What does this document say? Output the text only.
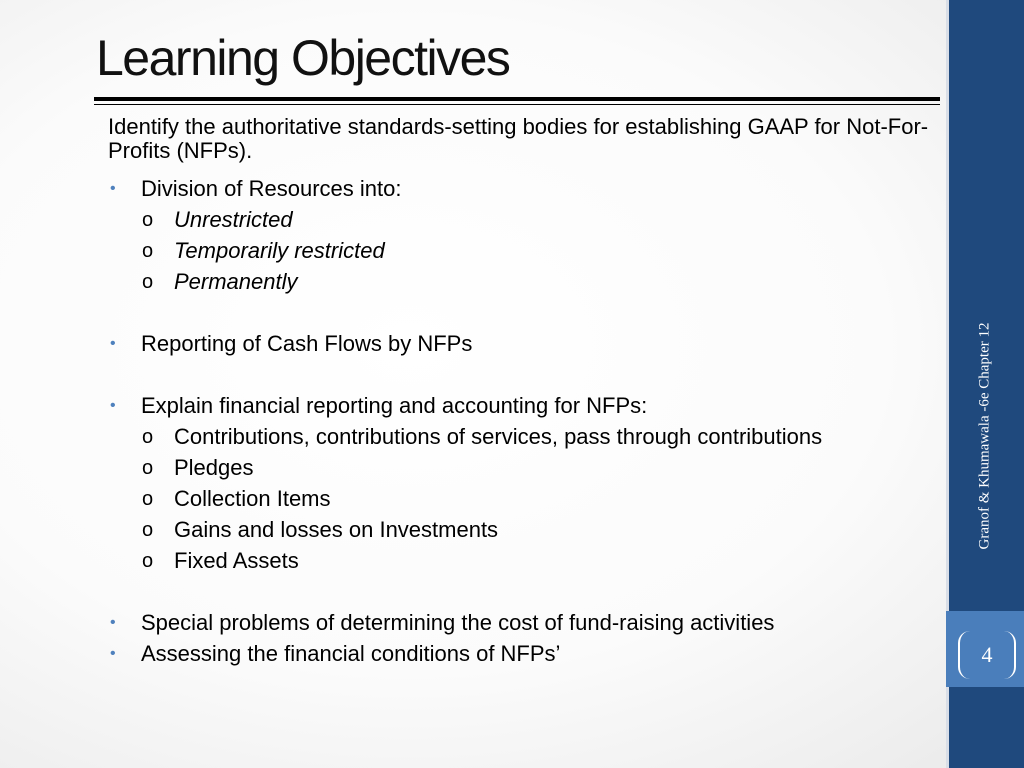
Learning Objectives
Identify the authoritative standards-setting bodies for establishing GAAP for Not-For-Profits (NFPs).
• Division of Resources into:
o Unrestricted
o Temporarily restricted
o Permanently
• Reporting of Cash Flows by NFPs
• Explain financial reporting and accounting for NFPs:
o Contributions, contributions of services, pass through contributions
o Pledges
o Collection Items
o Gains and losses on Investments
o Fixed Assets
• Special problems of determining the cost of fund-raising activities
• Assessing the financial conditions of NFPs’
Granof & Khumawala -6e Chapter 12
4
